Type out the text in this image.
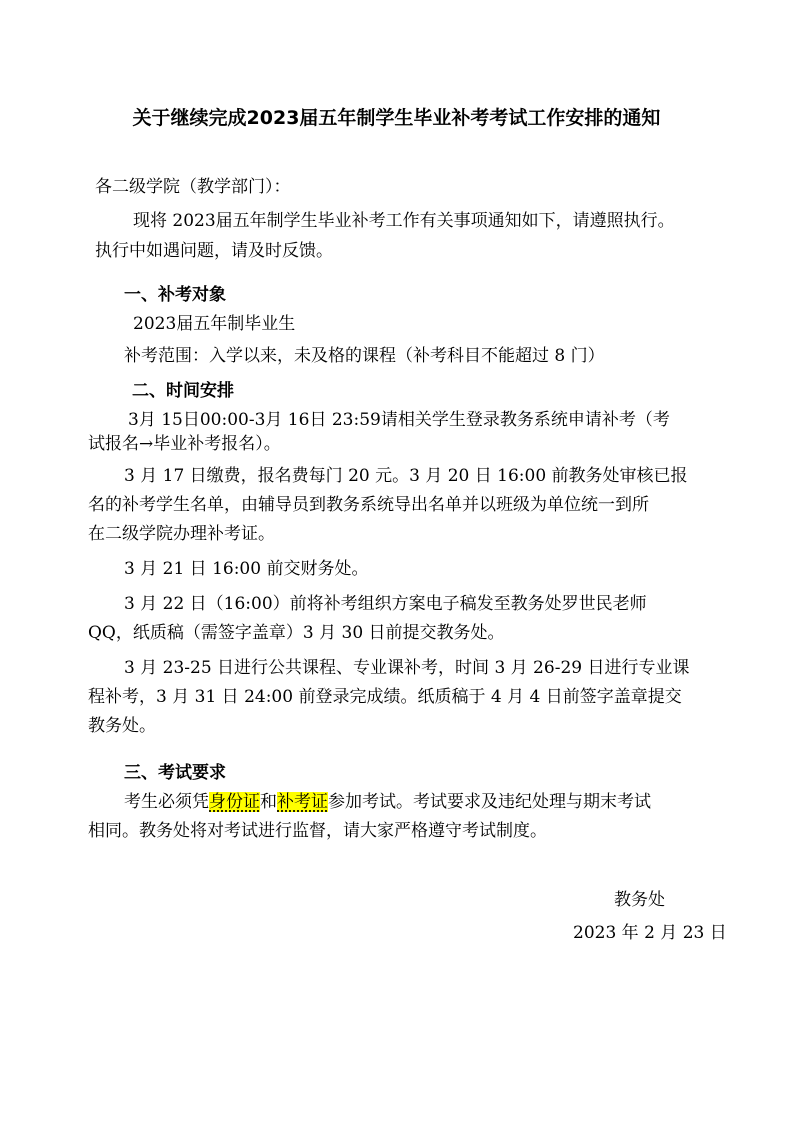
关于继续完成2023届五年制学生毕业补考考试工作安排的通知
各二级学院（教学部门）：
现将 2023届五年制学生毕业补考工作有关事项通知如下，请遵照执行。
执行中如遇问题，请及时反馈。
一、补考对象
2023届五年制毕业生
补考范围：入学以来，未及格的课程（补考科目不能超过 8 门）
二、时间安排
3月 15日00:00-3月 16日 23:59请相关学生登录教务系统申请补考（考
试报名→毕业补考报名）。
3 月 17 日缴费，报名费每门 20 元。3 月 20 日 16:00 前教务处审核已报
名的补考学生名单，由辅导员到教务系统导出名单并以班级为单位统一到所
在二级学院办理补考证。
3 月 21 日 16:00 前交财务处。
3 月 22 日（16:00）前将补考组织方案电子稿发至教务处罗世民老师
QQ，纸质稿（需签字盖章）3 月 30 日前提交教务处。
3 月 23-25 日进行公共课程、专业课补考，时间 3 月 26-29 日进行专业课
程补考，3 月 31 日 24:00 前登录完成绩。纸质稿于 4 月 4 日前签字盖章提交
教务处。
三、考试要求
考生必须凭身份证和补考证参加考试。考试要求及违纪处理与期末考试
相同。教务处将对考试进行监督，请大家严格遵守考试制度。
教务处
2023 年 2 月 23 日
